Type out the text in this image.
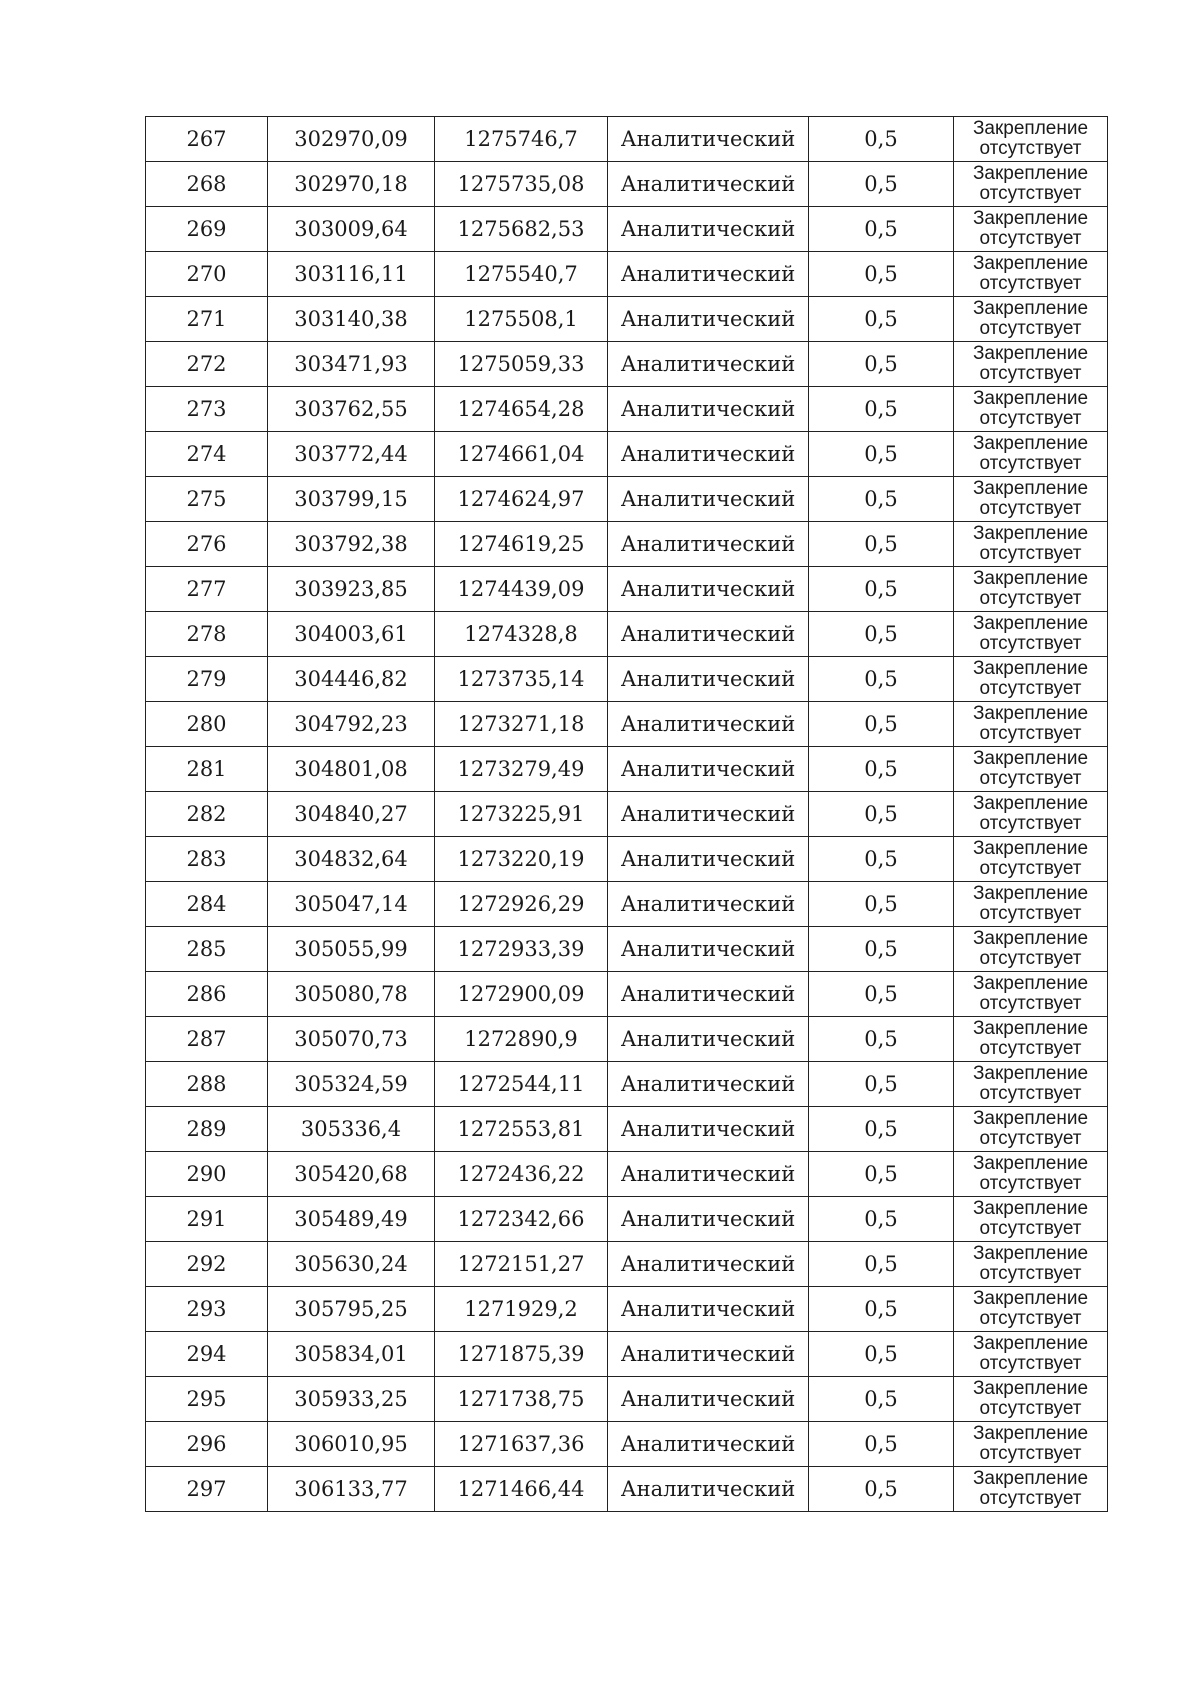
267	302970,09	1275746,7	Аналитический	0,5	Закрепление
отсутствует

268	302970,18	1275735,08	Аналитический	0,5	Закрепление
отсутствует

269	303009,64	1275682,53	Аналитический	0,5	Закрепление
отсутствует

270	303116,11	1275540,7	Аналитический	0,5	Закрепление
отсутствует

271	303140,38	1275508,1	Аналитический	0,5	Закрепление
отсутствует

272	303471,93	1275059,33	Аналитический	0,5	Закрепление
отсутствует

273	303762,55	1274654,28	Аналитический	0,5	Закрепление
отсутствует

274	303772,44	1274661,04	Аналитический	0,5	Закрепление
отсутствует

275	303799,15	1274624,97	Аналитический	0,5	Закрепление
отсутствует

276	303792,38	1274619,25	Аналитический	0,5	Закрепление
отсутствует

277	303923,85	1274439,09	Аналитический	0,5	Закрепление
отсутствует

278	304003,61	1274328,8	Аналитический	0,5	Закрепление
отсутствует

279	304446,82	1273735,14	Аналитический	0,5	Закрепление
отсутствует

280	304792,23	1273271,18	Аналитический	0,5	Закрепление
отсутствует

281	304801,08	1273279,49	Аналитический	0,5	Закрепление
отсутствует

282	304840,27	1273225,91	Аналитический	0,5	Закрепление
отсутствует

283	304832,64	1273220,19	Аналитический	0,5	Закрепление
отсутствует

284	305047,14	1272926,29	Аналитический	0,5	Закрепление
отсутствует

285	305055,99	1272933,39	Аналитический	0,5	Закрепление
отсутствует

286	305080,78	1272900,09	Аналитический	0,5	Закрепление
отсутствует

287	305070,73	1272890,9	Аналитический	0,5	Закрепление
отсутствует

288	305324,59	1272544,11	Аналитический	0,5	Закрепление
отсутствует

289	305336,4	1272553,81	Аналитический	0,5	Закрепление
отсутствует

290	305420,68	1272436,22	Аналитический	0,5	Закрепление
отсутствует

291	305489,49	1272342,66	Аналитический	0,5	Закрепление
отсутствует

292	305630,24	1272151,27	Аналитический	0,5	Закрепление
отсутствует

293	305795,25	1271929,2	Аналитический	0,5	Закрепление
отсутствует

294	305834,01	1271875,39	Аналитический	0,5	Закрепление
отсутствует

295	305933,25	1271738,75	Аналитический	0,5	Закрепление
отсутствует

296	306010,95	1271637,36	Аналитический	0,5	Закрепление
отсутствует

297	306133,77	1271466,44	Аналитический	0,5	Закрепление
отсутствует
